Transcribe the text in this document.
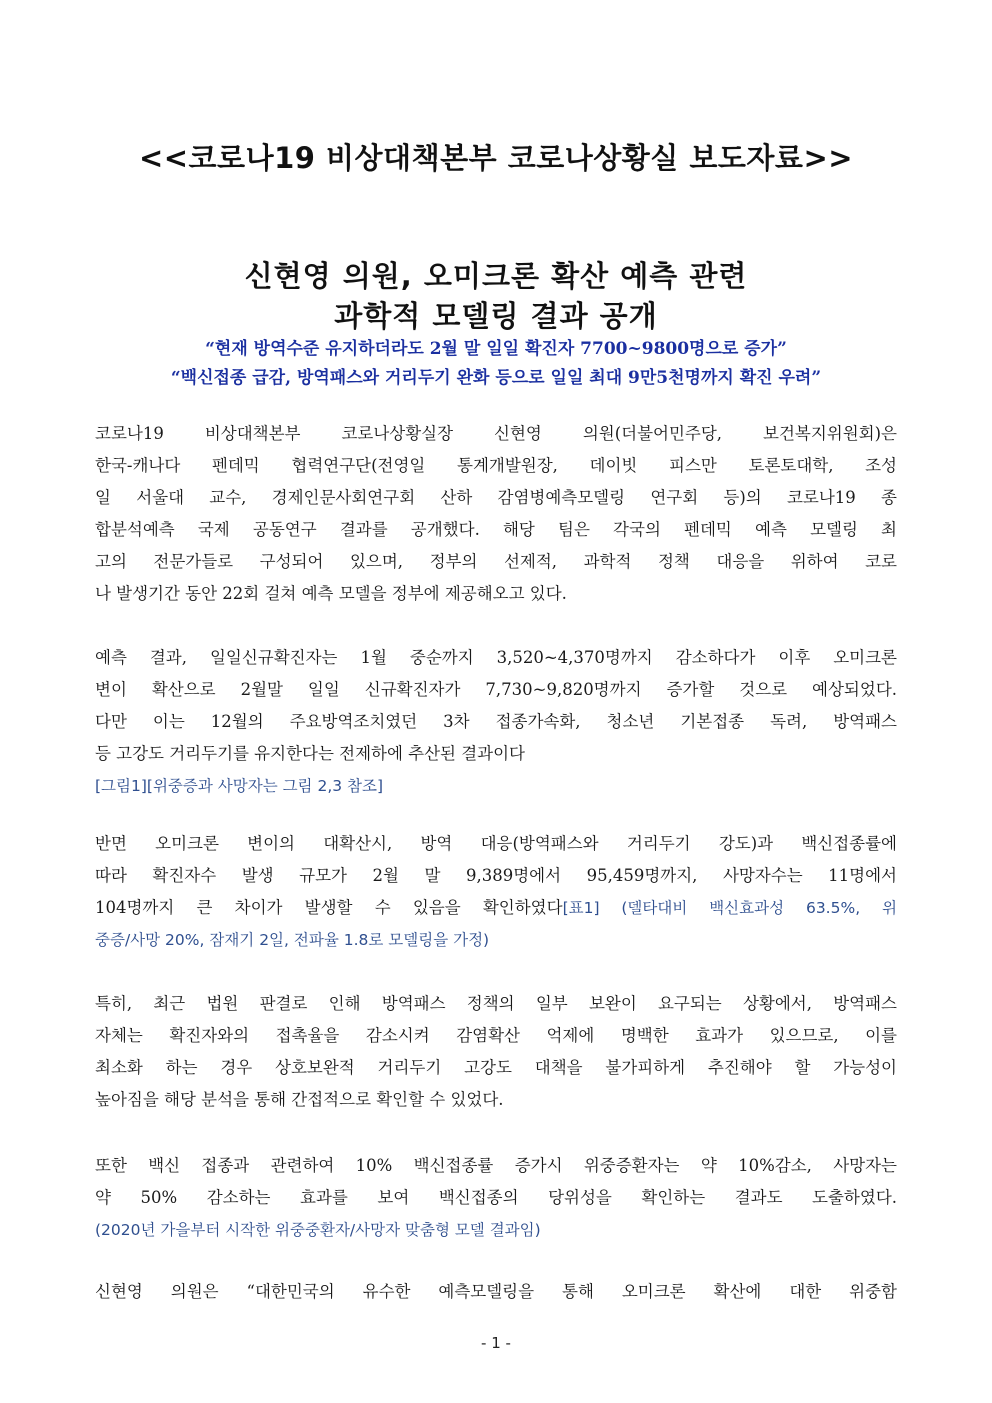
<<코로나19 비상대책본부 코로나상황실 보도자료>>
신현영 의원, 오미크론 확산 예측 관련
과학적 모델링 결과 공개
“현재 방역수준 유지하더라도 2월 말 일일 확진자 7700~9800명으로 증가”
“백신접종 급감, 방역패스와 거리두기 완화 등으로 일일 최대 9만5천명까지 확진 우려”
코로나19 비상대책본부 코로나상황실장 신현영 의원(더불어민주당, 보건복지위원회)은
한국-캐나다 펜데믹 협력연구단(전영일 통계개발원장, 데이빗 피스만 토론토대학, 조성
일 서울대 교수, 경제인문사회연구회 산하 감염병예측모델링 연구회 등)의 코로나19 종
합분석예측 국제 공동연구 결과를 공개했다. 해당 팀은 각국의 펜데믹 예측 모델링 최
고의 전문가들로 구성되어 있으며, 정부의 선제적, 과학적 정책 대응을 위하여 코로
나 발생기간 동안 22회 걸쳐 예측 모델을 정부에 제공해오고 있다.
예측 결과, 일일신규확진자는 1월 중순까지 3,520~4,370명까지 감소하다가 이후 오미크론
변이 확산으로 2월말 일일 신규확진자가 7,730~9,820명까지 증가할 것으로 예상되었다.
다만 이는 12월의 주요방역조치였던 3차 접종가속화, 청소년 기본접종 독려, 방역패스
등 고강도 거리두기를 유지한다는 전제하에 추산된 결과이다
[그림1][위중증과 사망자는 그림 2,3 참조]
반면 오미크론 변이의 대확산시, 방역 대응(방역패스와 거리두기 강도)과 백신접종률에
따라 확진자수 발생 규모가 2월 말 9,389명에서 95,459명까지, 사망자수는 11명에서
104명까지 큰 차이가 발생할 수 있음을 확인하였다[표1] (델타대비 백신효과성 63.5%, 위
중증/사망 20%, 잠재기 2일, 전파율 1.8로 모델링을 가정)
특히, 최근 법원 판결로 인해 방역패스 정책의 일부 보완이 요구되는 상황에서, 방역패스
자체는 확진자와의 접촉율을 감소시켜 감염확산 억제에 명백한 효과가 있으므로, 이를
최소화 하는 경우 상호보완적 거리두기 고강도 대책을 불가피하게 추진해야 할 가능성이
높아짐을 해당 분석을 통해 간접적으로 확인할 수 있었다.
또한 백신 접종과 관련하여 10% 백신접종률 증가시 위중증환자는 약 10%감소, 사망자는
약 50% 감소하는 효과를 보여 백신접종의 당위성을 확인하는 결과도 도출하였다.
(2020년 가을부터 시작한 위중중환자/사망자 맞춤형 모델 결과임)
신현영 의원은 “대한민국의 유수한 예측모델링을 통해 오미크론 확산에 대한 위중함
- 1 -
